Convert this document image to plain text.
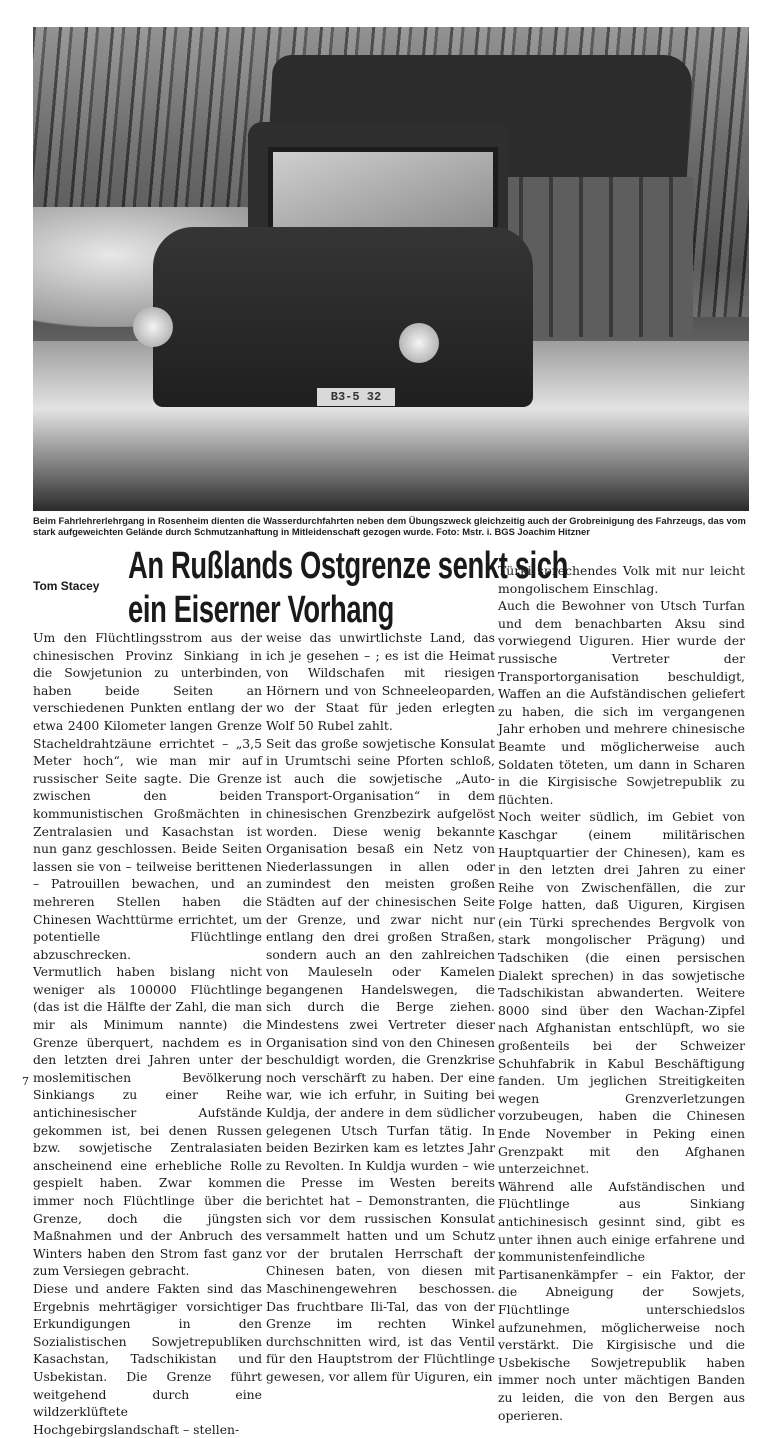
B3-5 32
Beim Fahrlehrerlehrgang in Rosenheim dienten die Wasserdurchfahrten neben dem Übungszweck gleichzeitig auch der Grobreinigung des Fahrzeugs, das vom stark aufgeweichten Gelände durch Schmutzanhaftung in Mitleidenschaft gezogen wurde. Foto: Mstr. i. BGS Joachim Hitzner
Tom Stacey An Rußlands Ostgrenze senkt sich
ein Eiserner Vorhang

Um den Flüchtlingsstrom aus der chinesischen Provinz Sinkiang in die Sowjetunion zu unterbinden, haben beide Seiten an verschiedenen Punkten entlang der etwa 2400 Kilometer langen Grenze Stacheldrahtzäune errichtet – „3,5 Meter hoch“, wie man mir auf russischer Seite sagte. Die Grenze zwischen den beiden kommunistischen Großmächten in Zentralasien und Kasachstan ist nun ganz geschlossen. Beide Seiten lassen sie von – teilweise berittenen – Patrouillen bewachen, und an mehreren Stellen haben die Chinesen Wachttürme errichtet, um potentielle Flüchtlinge abzuschrecken.

Vermutlich haben bislang nicht weniger als 100000 Flüchtlinge (das ist die Hälfte der Zahl, die man mir als Minimum nannte) die Grenze überquert, nachdem es in den letzten drei Jahren unter der moslemitischen Bevölkerung Sinkiangs zu einer Reihe antichinesischer Aufstände gekommen ist, bei denen Russen bzw. sowjetische Zentralasiaten anscheinend eine erhebliche Rolle gespielt haben. Zwar kommen immer noch Flüchtlinge über die Grenze, doch die jüngsten Maßnahmen und der Anbruch des Winters haben den Strom fast ganz zum Versiegen gebracht.

Diese und andere Fakten sind das Ergebnis mehrtägiger vorsichtiger Erkundigungen in den Sozialistischen Sowjetrepubliken Kasachstan, Tadschikistan und Usbekistan. Die Grenze führt weitgehend durch eine wildzerklüftete Hochgebirgslandschaft – stellen-

weise das unwirtlichste Land, das ich je gesehen – ; es ist die Heimat von Wildschafen mit riesigen Hörnern und von Schneeleoparden, wo der Staat für jeden erlegten Wolf 50 Rubel zahlt.

Seit das große sowjetische Konsulat in Urumtschi seine Pforten schloß, ist auch die sowjetische „Auto-Transport-Organisation“ in dem chinesischen Grenzbezirk aufgelöst worden. Diese wenig bekannte Organisation besaß ein Netz von Niederlassungen in allen oder zumindest den meisten großen Städten auf der chinesischen Seite der Grenze, und zwar nicht nur entlang den drei großen Straßen, sondern auch an den zahlreichen von Mauleseln oder Kamelen begangenen Handelswegen, die sich durch die Berge ziehen. Mindestens zwei Vertreter dieser Organisation sind von den Chinesen beschuldigt worden, die Grenzkrise noch verschärft zu haben. Der eine war, wie ich erfuhr, in Suiting bei Kuldja, der andere in dem südlicher gelegenen Utsch Turfan tätig. In beiden Bezirken kam es letztes Jahr zu Revolten. In Kuldja wurden – wie die Presse im Westen bereits berichtet hat – Demonstranten, die sich vor dem russischen Konsulat versammelt hatten und um Schutz vor der brutalen Herrschaft der Chinesen baten, von diesen mit Maschinengewehren beschossen. Das fruchtbare Ili-Tal, das von der Grenze im rechten Winkel durchschnitten wird, ist das Ventil für den Hauptstrom der Flüchtlinge gewesen, vor allem für Uiguren, ein

Türki sprechendes Volk mit nur leicht mongolischem Einschlag.

Auch die Bewohner von Utsch Turfan und dem benachbarten Aksu sind vorwiegend Uiguren. Hier wurde der russische Vertreter der Transportorganisation beschuldigt, Waffen an die Aufständischen geliefert zu haben, die sich im vergangenen Jahr erhoben und mehrere chinesische Beamte und möglicherweise auch Soldaten töteten, um dann in Scharen in die Kirgisische Sowjetrepublik zu flüchten.

Noch weiter südlich, im Gebiet von Kaschgar (einem militärischen Hauptquartier der Chinesen), kam es in den letzten drei Jahren zu einer Reihe von Zwischenfällen, die zur Folge hatten, daß Uiguren, Kirgisen (ein Türki sprechendes Bergvolk von stark mongolischer Prägung) und Tadschiken (die einen persischen Dialekt sprechen) in das sowjetische Tadschikistan abwanderten. Weitere 8000 sind über den Wachan-Zipfel nach Afghanistan entschlüpft, wo sie großenteils bei der Schweizer Schuhfabrik in Kabul Beschäftigung fanden. Um jeglichen Streitigkeiten wegen Grenzverletzungen vorzubeugen, haben die Chinesen Ende November in Peking einen Grenzpakt mit den Afghanen unterzeichnet.

Während alle Aufständischen und Flüchtlinge aus Sinkiang antichinesisch gesinnt sind, gibt es unter ihnen auch einige erfahrene und kommunistenfeindliche Partisanenkämpfer – ein Faktor, der die Abneigung der Sowjets, Flüchtlinge unterschiedslos aufzunehmen, möglicherweise noch verstärkt. Die Kirgisische und die Usbekische Sowjetrepublik haben immer noch unter mächtigen Banden zu leiden, die von den Bergen aus operieren.

7
